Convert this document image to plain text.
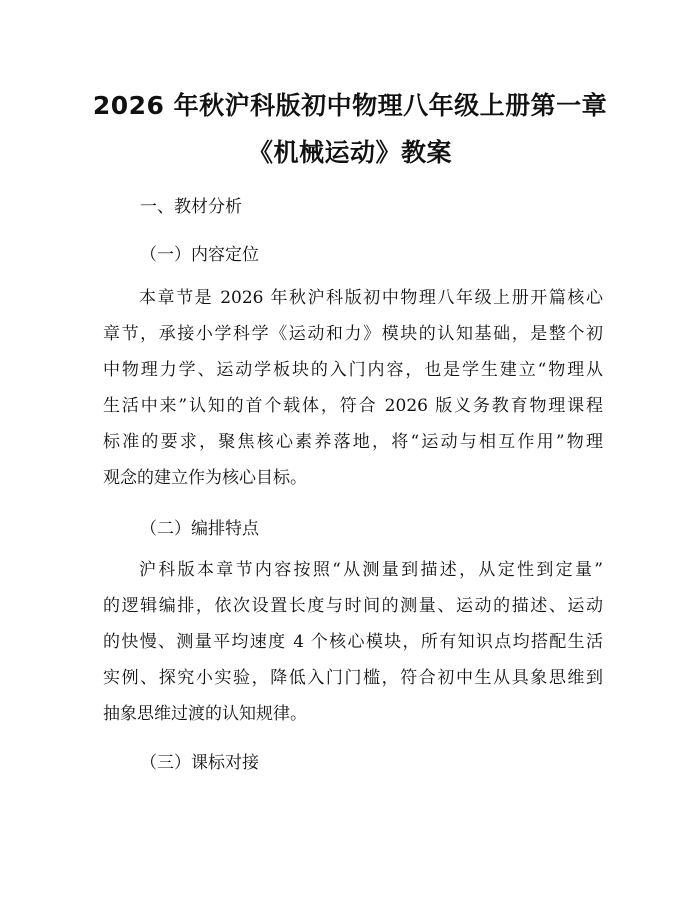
2026 年秋沪科版初中物理八年级上册第一章
《机械运动》教案

一、教材分析

（一）内容定位

本章节是 2026 年秋沪科版初中物理八年级上册开篇核心
章节，承接小学科学《运动和力》模块的认知基础，是整个初
中物理力学、运动学板块的入门内容，也是学生建立“物理从
生活中来”认知的首个载体，符合 2026 版义务教育物理课程
标准的要求，聚焦核心素养落地，将“运动与相互作用”物理
观念的建立作为核心目标。

（二）编排特点

沪科版本章节内容按照“从测量到描述，从定性到定量”
的逻辑编排，依次设置长度与时间的测量、运动的描述、运动
的快慢、测量平均速度 4 个核心模块，所有知识点均搭配生活
实例、探究小实验，降低入门门槛，符合初中生从具象思维到
抽象思维过渡的认知规律。

（三）课标对接
